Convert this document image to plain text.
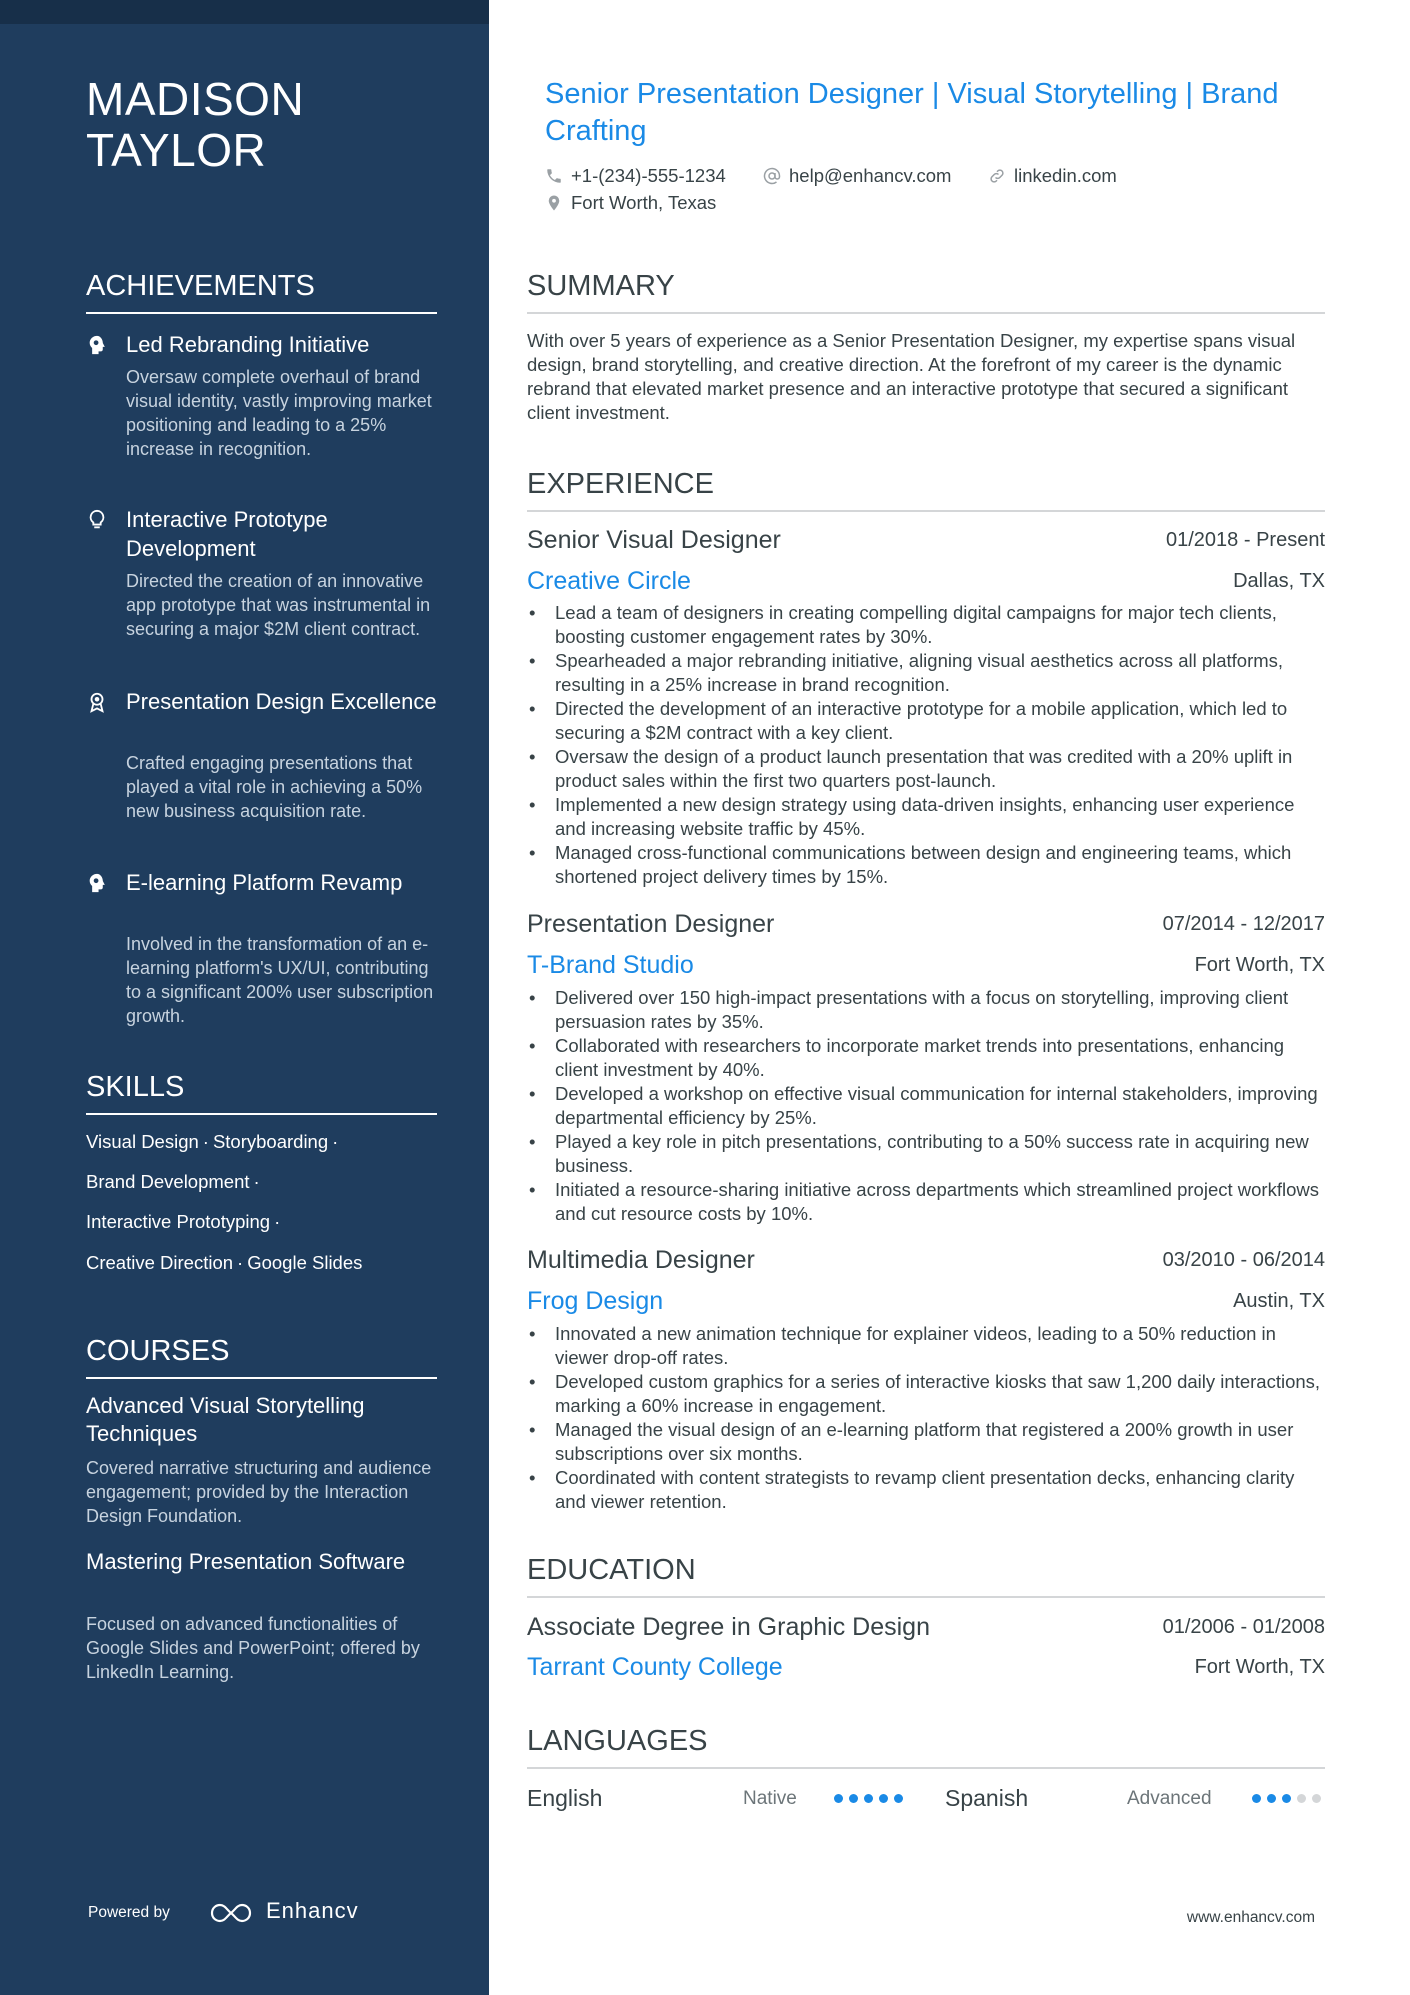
MADISON TAYLOR
ACHIEVEMENTS
Led Rebranding Initiative
Oversaw complete overhaul of brand visual identity, vastly improving market positioning and leading to a 25% increase in recognition.
Interactive Prototype Development
Directed the creation of an innovative app prototype that was instrumental in securing a major $2M client contract.
Presentation Design Excellence
Crafted engaging presentations that played a vital role in achieving a 50% new business acquisition rate.
E-learning Platform Revamp
Involved in the transformation of an e-learning platform's UX/UI, contributing to a significant 200% user subscription growth.
SKILLS
Visual Design · Storyboarding ·
Brand Development ·
Interactive Prototyping ·
Creative Direction · Google Slides
COURSES
Advanced Visual Storytelling Techniques
Covered narrative structuring and audience engagement; provided by the Interaction Design Foundation.
Mastering Presentation Software
Focused on advanced functionalities of Google Slides and PowerPoint; offered by LinkedIn Learning.
Powered by	Enhancv
Senior Presentation Designer | Visual Storytelling | Brand Crafting
+1-(234)-555-1234	help@enhancv.com	linkedin.com
Fort Worth, Texas
SUMMARY
With over 5 years of experience as a Senior Presentation Designer, my expertise spans visual design, brand storytelling, and creative direction. At the forefront of my career is the dynamic rebrand that elevated market presence and an interactive prototype that secured a significant client investment.
EXPERIENCE
Senior Visual Designer	01/2018 - Present
Creative Circle	Dallas, TX
• Lead a team of designers in creating compelling digital campaigns for major tech clients, boosting customer engagement rates by 30%.
• Spearheaded a major rebranding initiative, aligning visual aesthetics across all platforms, resulting in a 25% increase in brand recognition.
• Directed the development of an interactive prototype for a mobile application, which led to securing a $2M contract with a key client.
• Oversaw the design of a product launch presentation that was credited with a 20% uplift in product sales within the first two quarters post-launch.
• Implemented a new design strategy using data-driven insights, enhancing user experience and increasing website traffic by 45%.
• Managed cross-functional communications between design and engineering teams, which shortened project delivery times by 15%.
Presentation Designer	07/2014 - 12/2017
T-Brand Studio	Fort Worth, TX
• Delivered over 150 high-impact presentations with a focus on storytelling, improving client persuasion rates by 35%.
• Collaborated with researchers to incorporate market trends into presentations, enhancing client investment by 40%.
• Developed a workshop on effective visual communication for internal stakeholders, improving departmental efficiency by 25%.
• Played a key role in pitch presentations, contributing to a 50% success rate in acquiring new business.
• Initiated a resource-sharing initiative across departments which streamlined project workflows and cut resource costs by 10%.
Multimedia Designer	03/2010 - 06/2014
Frog Design	Austin, TX
• Innovated a new animation technique for explainer videos, leading to a 50% reduction in viewer drop-off rates.
• Developed custom graphics for a series of interactive kiosks that saw 1,200 daily interactions, marking a 60% increase in engagement.
• Managed the visual design of an e-learning platform that registered a 200% growth in user subscriptions over six months.
• Coordinated with content strategists to revamp client presentation decks, enhancing clarity and viewer retention.
EDUCATION
Associate Degree in Graphic Design	01/2006 - 01/2008
Tarrant County College	Fort Worth, TX
LANGUAGES
English	Native	Spanish	Advanced
www.enhancv.com
